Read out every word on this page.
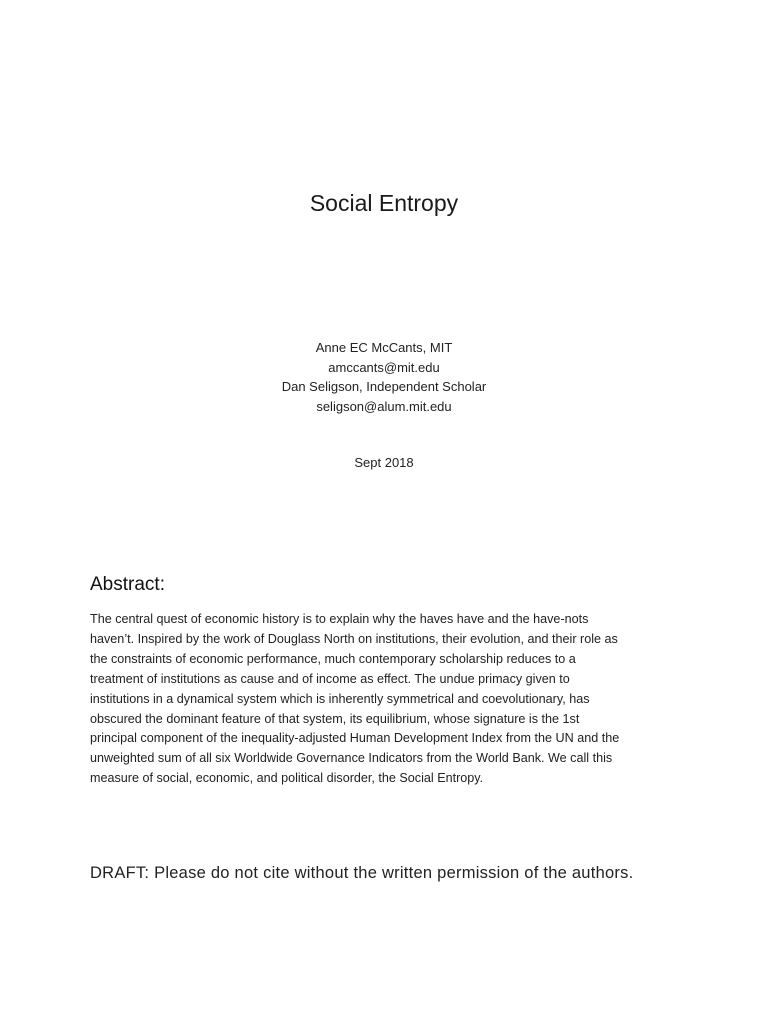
Social Entropy
Anne EC McCants, MIT
amccants@mit.edu
Dan Seligson, Independent Scholar
seligson@alum.mit.edu
Sept 2018
Abstract:
The central quest of economic history is to explain why the haves have and the have-nots
haven’t. Inspired by the work of Douglass North on institutions, their evolution, and their role as
the constraints of economic performance, much contemporary scholarship reduces to a
treatment of institutions as cause and of income as effect. The undue primacy given to
institutions in a dynamical system which is inherently symmetrical and coevolutionary, has
obscured the dominant feature of that system, its equilibrium, whose signature is the 1st
principal component of the inequality-adjusted Human Development Index from the UN and the
unweighted sum of all six Worldwide Governance Indicators from the World Bank. We call this
measure of social, economic, and political disorder, the Social Entropy.

DRAFT: Please do not cite without the written permission of the authors.
